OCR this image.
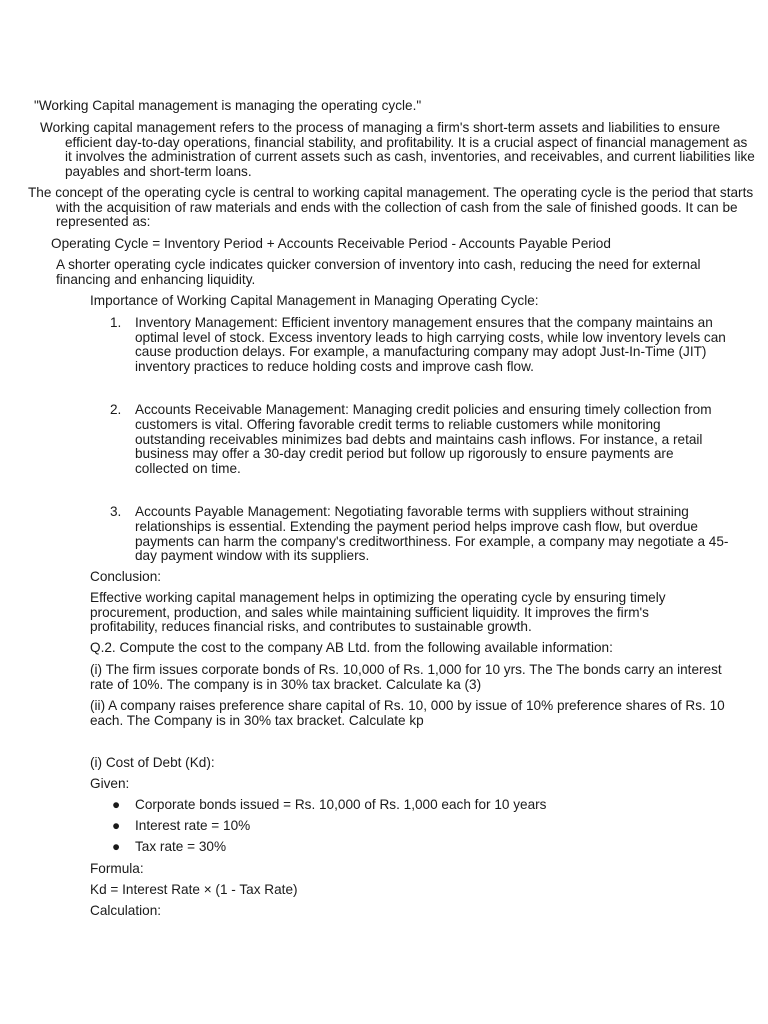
"Working Capital management is managing the operating cycle."

Working capital management refers to the process of managing a firm's short-term assets and liabilities to ensure efficient day-to-day operations, financial stability, and profitability. It is a crucial aspect of financial management as it involves the administration of current assets such as cash, inventories, and receivables, and current liabilities like payables and short-term loans.

The concept of the operating cycle is central to working capital management. The operating cycle is the period that starts with the acquisition of raw materials and ends with the collection of cash from the sale of finished goods. It can be represented as:

Operating Cycle = Inventory Period + Accounts Receivable Period - Accounts Payable Period

A shorter operating cycle indicates quicker conversion of inventory into cash, reducing the need for external financing and enhancing liquidity.

Importance of Working Capital Management in Managing Operating Cycle:

1. Inventory Management: Efficient inventory management ensures that the company maintains an optimal level of stock. Excess inventory leads to high carrying costs, while low inventory levels can cause production delays. For example, a manufacturing company may adopt Just-In-Time (JIT) inventory practices to reduce holding costs and improve cash flow.
2. Accounts Receivable Management: Managing credit policies and ensuring timely collection from customers is vital. Offering favorable credit terms to reliable customers while monitoring outstanding receivables minimizes bad debts and maintains cash inflows. For instance, a retail business may offer a 30-day credit period but follow up rigorously to ensure payments are collected on time.
3. Accounts Payable Management: Negotiating favorable terms with suppliers without straining relationships is essential. Extending the payment period helps improve cash flow, but overdue payments can harm the company's creditworthiness. For example, a company may negotiate a 45-day payment window with its suppliers.

Conclusion:

Effective working capital management helps in optimizing the operating cycle by ensuring timely procurement, production, and sales while maintaining sufficient liquidity. It improves the firm's profitability, reduces financial risks, and contributes to sustainable growth.

Q.2. Compute the cost to the company AB Ltd. from the following available information:

(i) The firm issues corporate bonds of Rs. 10,000 of Rs. 1,000 for 10 yrs. The The bonds carry an interest rate of 10%. The company is in 30% tax bracket. Calculate ka (3)

(ii) A company raises preference share capital of Rs. 10, 000 by issue of 10% preference shares of Rs. 10 each. The Company is in 30% tax bracket. Calculate kp

(i) Cost of Debt (Kd):

Given:

● Corporate bonds issued = Rs. 10,000 of Rs. 1,000 each for 10 years
● Interest rate = 10%
● Tax rate = 30%

Formula:

Kd = Interest Rate × (1 - Tax Rate)

Calculation:
